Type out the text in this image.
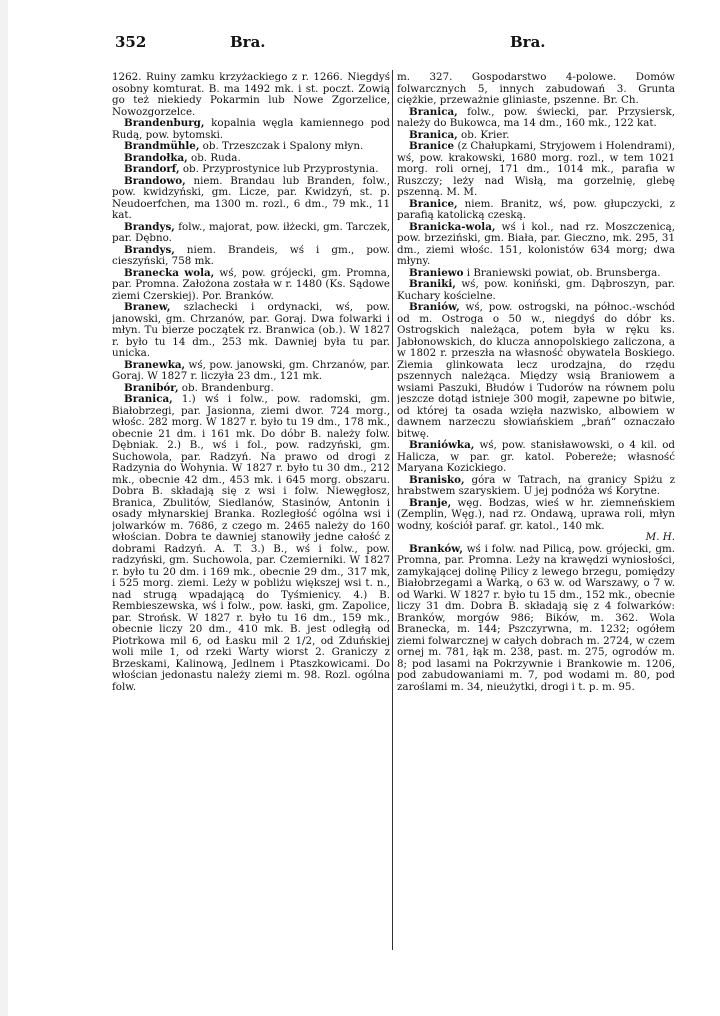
352	Bra.	Bra.

1262. Ruiny zamku krzyżackiego z r. 1266. Niegdyś osobny komturat. B. ma 1492 mk. i st. poczt. Zowią go też niekiedy Pokarmin lub Nowe Zgorzelice, Nowozgorzelce.

Brandenburg, kopalnia węgla kamiennego pod Rudą, pow. bytomski.

Brandmühle, ob. Trzeszczak i Spalony młyn.

Brandołka, ob. Ruda.

Brandorf, ob. Przyprostynice lub Przyprostynia.

Brandowo, niem. Brandau lub Branden, folw., pow. kwidzyński, gm. Licze, par. Kwidzyń, st. p. Neudoerfchen, ma 1300 m. rozl., 6 dm., 79 mk., 11 kat.

Brandys, folw., majorat, pow. iłżecki, gm. Tarczek, par. Dębno.

Brandys, niem. Brandeis, wś i gm., pow. cieszyński, 758 mk.

Branecka wola, wś, pow. grójecki, gm. Promna, par. Promna. Założona została w r. 1480 (Ks. Sądowe ziemi Czerskiej). Por. Branków.

Branew, szlachecki i ordynacki, wś, pow. janowski, gm. Chrzanów, par. Goraj. Dwa folwarki i młyn. Tu bierze początek rz. Branwica (ob.). W 1827 r. było tu 14 dm., 253 mk. Dawniej była tu par. unicka.

Branewka, wś, pow. janowski, gm. Chrzanów, par. Goraj. W 1827 r. liczyła 23 dm., 121 mk.

Branibór, ob. Brandenburg.

Branica, 1.) wś i folw., pow. radomski, gm. Białobrzegi, par. Jasionna, ziemi dwor. 724 morg., włośc. 282 morg. W 1827 r. było tu 19 dm., 178 mk., obecnie 21 dm. i 161 mk. Do dóbr B. należy folw. Dębniak. 2.) B., wś i fol., pow. radzyński, gm. Suchowola, par. Radzyń. Na prawo od drogi z Radzynia do Wohynia. W 1827 r. było tu 30 dm., 212 mk., obecnie 42 dm., 453 mk. i 645 morg. obszaru. Dobra B. składają się z wsi i folw. Niewęgłosz, Branica, Zbulitów, Siedlanów, Stasinów, Antonin i osady młynarskiej Branka. Rozległość ogólna wsi i jolwarków m. 7686, z czego m. 2465 należy do 160 włościan. Dobra te dawniej stanowiły jedne całość z dobrami Radzyń. A. T. 3.) B., wś i folw., pow. radzyński, gm. Suchowola, par. Czemierniki. W 1827 r. było tu 20 dm. i 169 mk., obecnie 29 dm., 317 mk, i 525 morg. ziemi. Leży w pobliżu większej wsi t. n., nad strugą wpadającą do Tyśmienicy. 4.) B. Rembieszewska, wś i folw., pow. łaski, gm. Zapolice, par. Strońsk. W 1827 r. było tu 16 dm., 159 mk., obecnie liczy 20 dm., 410 mk. B. jest odległą od Piotrkowa mil 6, od Łasku mil 2 1/2, od Zduńskiej woli mile 1, od rzeki Warty wiorst 2. Graniczy z Brzeskami, Kalinową, Jedlnem i Ptaszkowicami. Do włościan jedonastu należy ziemi m. 98. Rozl. ogólna folw.

m. 327. Gospodarstwo 4-polowe. Domów folwarcznych 5, innych zabudowań 3. Grunta ciężkie, przeważnie gliniaste, pszenne. Br. Ch.

Branica, folw., pow. świecki, par. Przysiersk, należy do Bukowca, ma 14 dm., 160 mk., 122 kat.

Branica, ob. Krier.

Branice (z Chałupkami, Stryjowem i Holendrami), wś, pow. krakowski, 1680 morg. rozl., w tem 1021 morg. roli ornej, 171 dm., 1014 mk., parafia w Ruszczy; leży nad Wisłą, ma gorzelnię, glebę pszenną. M. M.

Branice, niem. Branitz, wś, pow. głupczycki, z parafią katolicką czeską.

Branicka-wola, wś i kol., nad rz. Moszczenicą, pow. brzeziński, gm. Biała, par. Gieczno, mk. 295, 31 dm., ziemi włośc. 151, kolonistów 634 morg; dwa młyny.

Braniewo i Braniewski powiat, ob. Brunsberga.

Braniki, wś, pow. koniński, gm. Dąbroszyn, par. Kuchary kościelne.

Braniów, wś, pow. ostrogski, na północ.-wschód od m. Ostroga o 50 w., niegdyś do dóbr ks. Ostrogskich należąca, potem była w ręku ks. Jabłonowskich, do klucza annopolskiego zaliczona, a w 1802 r. przeszła na własność obywatela Boskiego. Ziemia glinkowata lecz urodzajna, do rzędu pszennych należąca. Między wsią Braniowem a wsiami Paszuki, Błudów i Tudorów na równem polu jeszcze dotąd istnieje 300 mogił, zapewne po bitwie, od której ta osada wzięła nazwisko, albowiem w dawnem narzeczu słowiańskiem „brań“ oznaczało bitwę.

Braniówka, wś, pow. stanisławowski, o 4 kil. od Halicza, w par. gr. katol. Pobereże; własność Maryana Kozickiego.

Branisko, góra w Tatrach, na granicy Spiżu z hrabstwem szaryskiem. U jej podnóża wś Korytne.

Branje, węg. Bodzas, wieś w hr. ziemneńskiem (Zemplin, Węg.), nad rz. Ondawą, uprawa roli, młyn wodny, kościół paraf. gr. katol., 140 mk.
M. H.

Branków, wś i folw. nad Pilicą, pow. grójecki, gm. Promna, par. Promna. Leży na krawędzi wyniosłości, zamykającej dolinę Pilicy z lewego brzegu, pomiędzy Białobrzegami a Warką, o 63 w. od Warszawy, o 7 w. od Warki. W 1827 r. było tu 15 dm., 152 mk., obecnie liczy 31 dm. Dobra B. składają się z 4 folwarków: Branków, morgów 986; Bików, m. 362. Wola Branecka, m. 144; Pszczyrwna, m. 1232; ogółem ziemi folwarcznej w całych dobrach m. 2724, w czem ornej m. 781, łąk m. 238, past. m. 275, ogrodów m. 8; pod lasami na Pokrzywnie i Brankowie m. 1206, pod zabudowaniami m. 7, pod wodami m. 80, pod zaroślami m. 34, nieużytki, drogi i t. p. m. 95.
